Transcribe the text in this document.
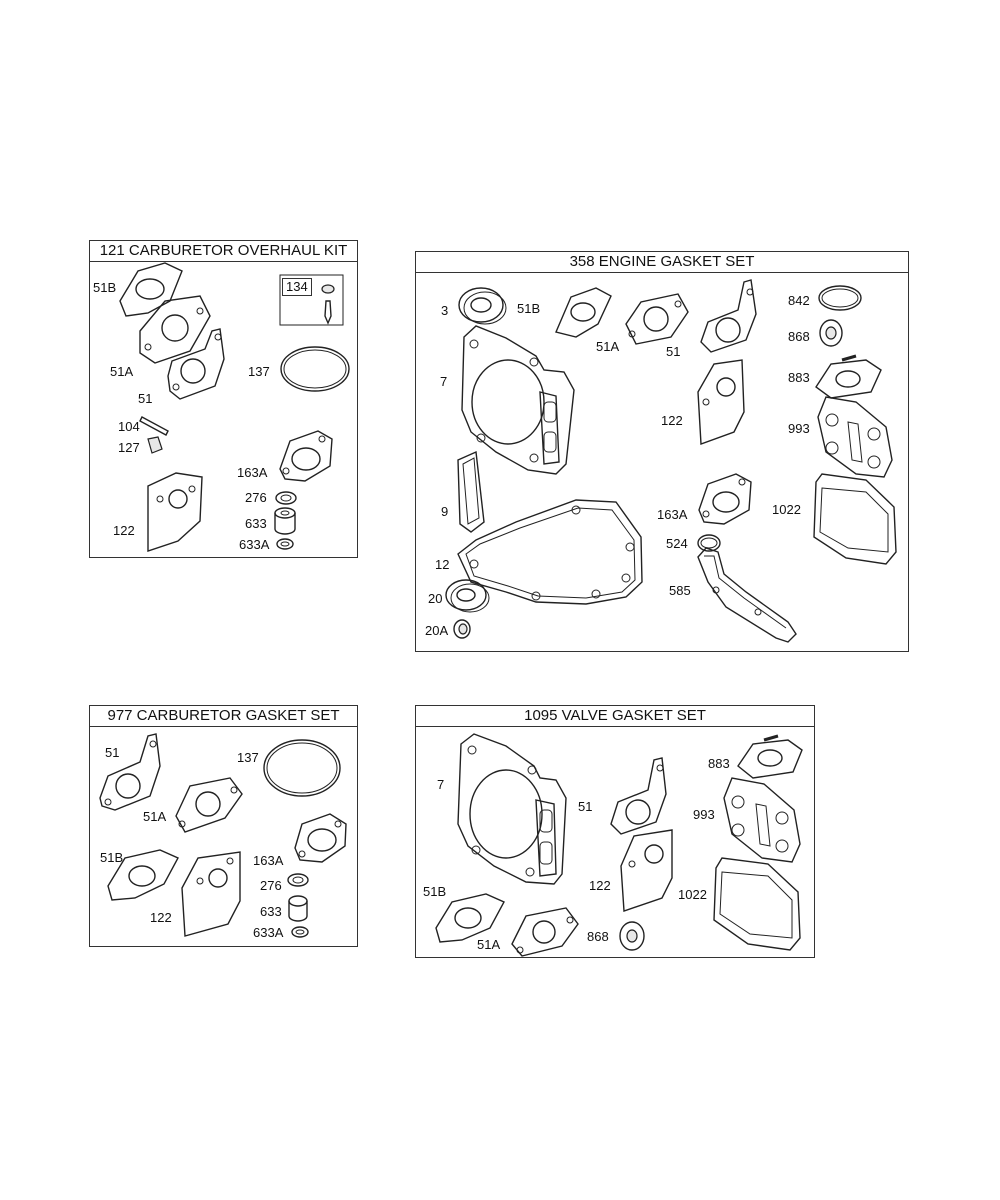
121 CARBURETOR OVERHAUL KIT
51B	134
51A
51
137
104
127
163A
276
633
122
633A
358 ENGINE GASKET SET
3	51B
51A	51
842
868
7	883
122
993
9	163A	1022
524
12
585
20
20A
977 CARBURETOR GASKET SET
51	137
51A
51B	163A
276
633
122
633A
1095 VALVE GASKET SET
7
51
883
993
122
1022
51B
868
51A
